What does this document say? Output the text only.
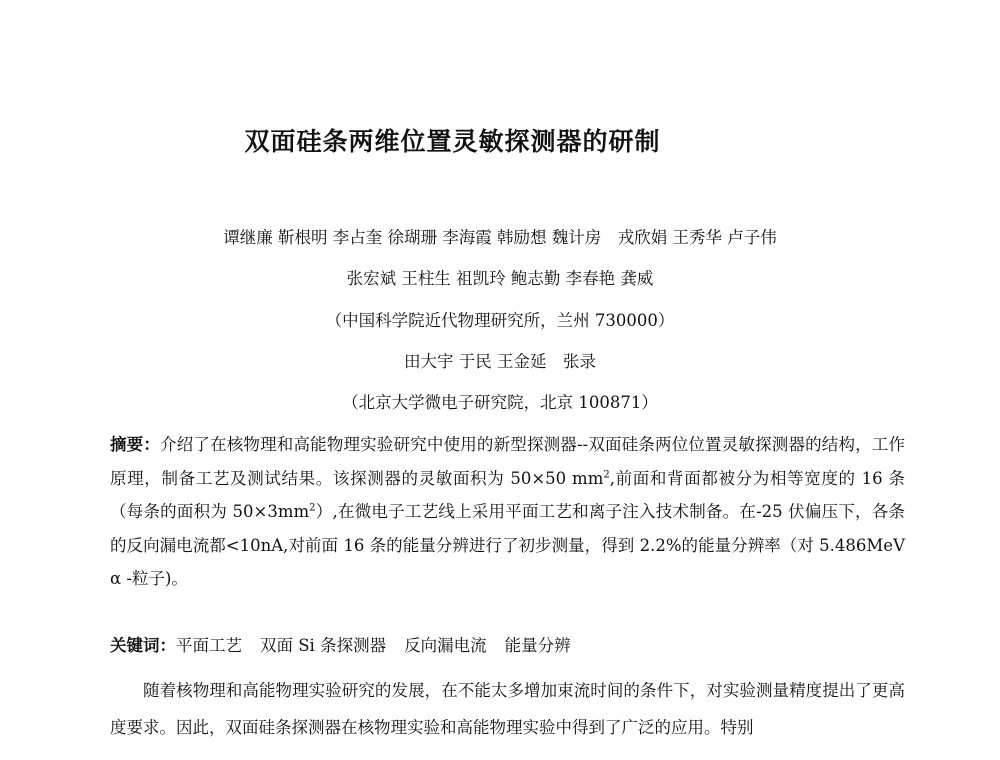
双面硅条两维位置灵敏探测器的研制
谭继廉 靳根明 李占奎 徐瑚珊 李海霞 韩励想 魏计房　戎欣娟 王秀华 卢子伟
张宏斌 王柱生 祖凯玲 鲍志勤 李春艳 龚威
（中国科学院近代物理研究所，兰州 730000）
田大宇 于民 王金延　张录
（北京大学微电子研究院，北京 100871）
摘要：介绍了在核物理和高能物理实验研究中使用的新型探测器--双面硅条两位位置灵敏探测器的结构，工作原理，制备工艺及测试结果。该探测器的灵敏面积为 50×50 $mm^2$,前面和背面都被分为相等宽度的 16 条（每条的面积为 $50\times 3mm^2$）,在微电子工艺线上采用平面工艺和离子注入技术制备。在-25 伏偏压下，各条的反向漏电流都<10nA,对前面 16 条的能量分辨进行了初步测量，得到 2.2%的能量分辨率（对 5.486MeV α -粒子)。
关键词：平面工艺 双面 Si 条探测器 反向漏电流 能量分辨
随着核物理和高能物理实验研究的发展，在不能太多增加束流时间的条件下，对实验测量精度提出了更高度要求。因此，双面硅条探测器在核物理实验和高能物理实验中得到了广泛的应用。特别
